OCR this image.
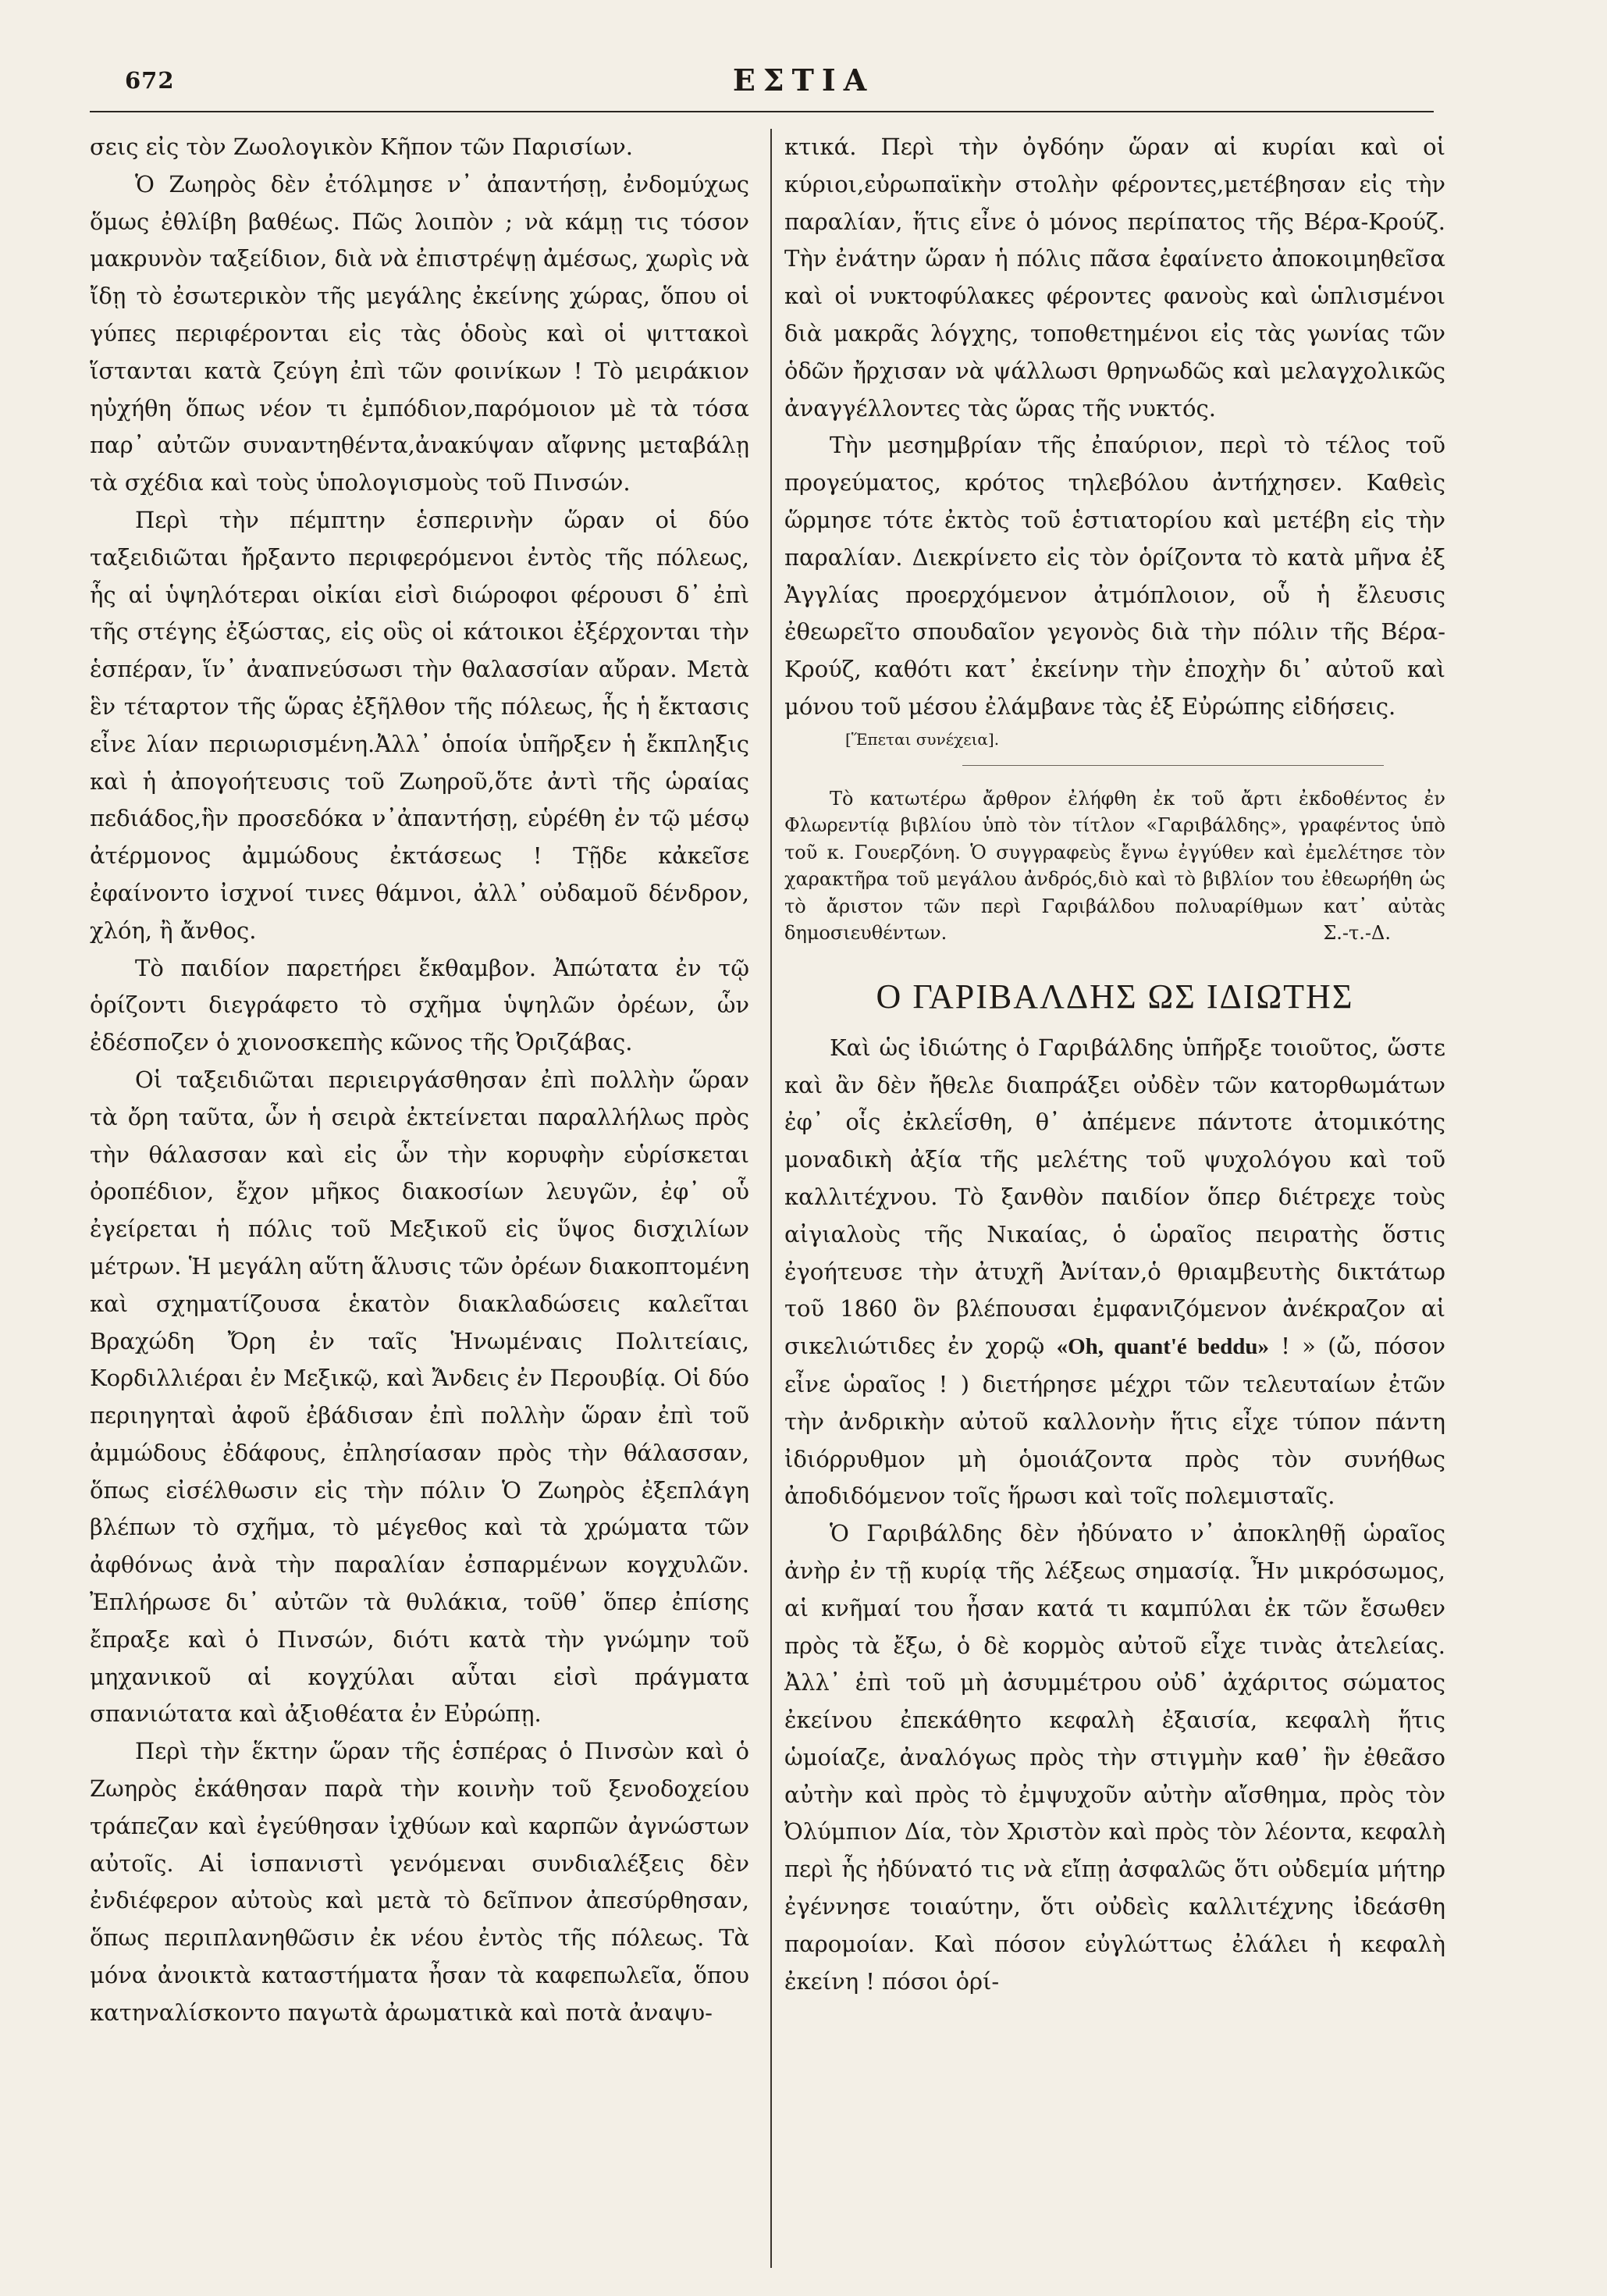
672	ΕΣΤΙΑ

σεις εἰς τὸν Ζωολογικὸν Κῆπον τῶν Παρισίων.

Ὁ Ζωηρὸς δὲν ἐτόλμησε ν᾽ ἀπαντήσῃ, ἐνδομύχως ὅμως ἐθλίβη βαθέως. Πῶς λοιπὸν ; νὰ κάμῃ τις τόσον μακρυνὸν ταξείδιον, διὰ νὰ ἐπιστρέψῃ ἀμέσως, χωρὶς νὰ ἴδῃ τὸ ἐσωτερικὸν τῆς μεγάλης ἐκείνης χώρας, ὅπου οἱ γύπες περιφέρονται εἰς τὰς ὁδοὺς καὶ οἱ ψιττακοὶ ἵστανται κατὰ ζεύγη ἐπὶ τῶν φοινίκων ! Τὸ μειράκιον ηὐχήθη ὅπως νέον τι ἐμπόδιον,παρόμοιον μὲ τὰ τόσα παρ᾽ αὐτῶν συναντηθέντα,ἀνακύψαν αἴφνης μεταβάλῃ τὰ σχέδια καὶ τοὺς ὑπολογισμοὺς τοῦ Πινσών.

Περὶ τὴν πέμπτην ἑσπερινὴν ὥραν οἱ δύο ταξειδιῶται ἤρξαντο περιφερόμενοι ἐντὸς τῆς πόλεως, ἧς αἱ ὑψηλότεραι οἰκίαι εἰσὶ διώροφοι φέρουσι δ᾽ ἐπὶ τῆς στέγης ἐξώστας, εἰς οὓς οἱ κάτοικοι ἐξέρχονται τὴν ἑσπέραν, ἵν᾽ ἀναπνεύσωσι τὴν θαλασσίαν αὔραν. Μετὰ ἓν τέταρτον τῆς ὥρας ἐξῆλθον τῆς πόλεως, ἧς ἡ ἔκτασις εἶνε λίαν περιωρισμένη.Ἀλλ᾽ ὁποία ὑπῆρξεν ἡ ἔκπληξις καὶ ἡ ἀπογοήτευσις τοῦ Ζωηροῦ,ὅτε ἀντὶ τῆς ὡραίας πεδιάδος,ἣν προσεδόκα ν᾽ἀπαντήσῃ, εὑρέθη ἐν τῷ μέσῳ ἀτέρμονος ἀμμώδους ἐκτάσεως ! Τῇδε κἀκεῖσε ἐφαίνοντο ἰσχνοί τινες θάμνοι, ἀλλ᾽ οὐδαμοῦ δένδρον, χλόη, ἢ ἄνθος.

Τὸ παιδίον παρετήρει ἔκθαμβον. Ἀπώτατα ἐν τῷ ὁρίζοντι διεγράφετο τὸ σχῆμα ὑψηλῶν ὀρέων, ὧν ἐδέσποζεν ὁ χιονοσκεπὴς κῶνος τῆς Ὀριζάβας.

Οἱ ταξειδιῶται περιειργάσθησαν ἐπὶ πολλὴν ὥραν τὰ ὄρη ταῦτα, ὧν ἡ σειρὰ ἐκτείνεται παραλλήλως πρὸς τὴν θάλασσαν καὶ εἰς ὧν τὴν κορυφὴν εὑρίσκεται ὀροπέδιον, ἔχον μῆκος διακοσίων λευγῶν, ἐφ᾽ οὗ ἐγείρεται ἡ πόλις τοῦ Μεξικοῦ εἰς ὕψος δισχιλίων μέτρων. Ἡ μεγάλη αὕτη ἅλυσις τῶν ὀρέων διακοπτομένη καὶ σχηματίζουσα ἑκατὸν διακλαδώσεις καλεῖται Βραχώδη Ὄρη ἐν ταῖς Ἡνωμέναις Πολιτείαις, Κορδιλλιέραι ἐν Μεξικῷ, καὶ Ἄνδεις ἐν Περουβίᾳ. Οἱ δύο περιηγηταὶ ἀφοῦ ἐβάδισαν ἐπὶ πολλὴν ὥραν ἐπὶ τοῦ ἀμμώδους ἐδάφους, ἐπλησίασαν πρὸς τὴν θάλασσαν, ὅπως εἰσέλθωσιν εἰς τὴν πόλιν Ὁ Ζωηρὸς ἐξεπλάγη βλέπων τὸ σχῆμα, τὸ μέγεθος καὶ τὰ χρώματα τῶν ἀφθόνως ἀνὰ τὴν παραλίαν ἐσπαρμένων κογχυλῶν. Ἐπλήρωσε δι᾽ αὐτῶν τὰ θυλάκια, τοῦθ᾽ ὅπερ ἐπίσης ἔπραξε καὶ ὁ Πινσών, διότι κατὰ τὴν γνώμην τοῦ μηχανικοῦ αἱ κογχύλαι αὗται εἰσὶ πράγματα σπανιώτατα καὶ ἀξιοθέατα ἐν Εὐρώπῃ.

Περὶ τὴν ἕκτην ὥραν τῆς ἑσπέρας ὁ Πινσὼν καὶ ὁ Ζωηρὸς ἐκάθησαν παρὰ τὴν κοινὴν τοῦ ξενοδοχείου τράπεζαν καὶ ἐγεύθησαν ἰχθύων καὶ καρπῶν ἀγνώστων αὐτοῖς. Αἱ ἱσπανιστὶ γενόμεναι συνδιαλέξεις δὲν ἐνδιέφερον αὐτοὺς καὶ μετὰ τὸ δεῖπνον ἀπεσύρθησαν, ὅπως περιπλανηθῶσιν ἐκ νέου ἐντὸς τῆς πόλεως. Τὰ μόνα ἀνοικτὰ καταστήματα ἦσαν τὰ καφεπωλεῖα, ὅπου κατηναλίσκοντο παγωτὰ ἀρωματικὰ καὶ ποτὰ ἀναψυ-

κτικά. Περὶ τὴν ὀγδόην ὥραν αἱ κυρίαι καὶ οἱ κύριοι,εὐρωπαϊκὴν στολὴν φέροντες,μετέβησαν εἰς τὴν παραλίαν, ἥτις εἶνε ὁ μόνος περίπατος τῆς Βέρα-Κρούζ. Τὴν ἐνάτην ὥραν ἡ πόλις πᾶσα ἐφαίνετο ἀποκοιμηθεῖσα καὶ οἱ νυκτοφύλακες φέροντες φανοὺς καὶ ὡπλισμένοι διὰ μακρᾶς λόγχης, τοποθετημένοι εἰς τὰς γωνίας τῶν ὁδῶν ἤρχισαν νὰ ψάλλωσι θρηνωδῶς καὶ μελαγχολικῶς ἀναγγέλλοντες τὰς ὥρας τῆς νυκτός.

Τὴν μεσημβρίαν τῆς ἐπαύριον, περὶ τὸ τέλος τοῦ προγεύματος, κρότος τηλεβόλου ἀντήχησεν. Καθεὶς ὥρμησε τότε ἐκτὸς τοῦ ἑστιατορίου καὶ μετέβη εἰς τὴν παραλίαν. Διεκρίνετο εἰς τὸν ὁρίζοντα τὸ κατὰ μῆνα ἐξ Ἀγγλίας προερχόμενον ἀτμόπλοιον, οὗ ἡ ἔλευσις ἐθεωρεῖτο σπουδαῖον γεγονὸς διὰ τὴν πόλιν τῆς Βέρα-Κρούζ, καθότι κατ᾽ ἐκείνην τὴν ἐποχὴν δι᾽ αὐτοῦ καὶ μόνου τοῦ μέσου ἐλάμβανε τὰς ἐξ Εὐρώπης εἰδήσεις.

[Ἕπεται συνέχεια].

Τὸ κατωτέρω ἄρθρον ἐλήφθη ἐκ τοῦ ἄρτι ἐκδοθέντος ἐν Φλωρεντίᾳ βιβλίου ὑπὸ τὸν τίτλον «Γαριβάλδης», γραφέντος ὑπὸ τοῦ κ. Γουερζόνη. Ὁ συγγραφεὺς ἔγνω ἐγγύθεν καὶ ἐμελέτησε τὸν χαρακτῆρα τοῦ μεγάλου ἀνδρός,διὸ καὶ τὸ βιβλίον του ἐθεωρήθη ὡς τὸ ἄριστον τῶν περὶ Γαριβάλδου πολυαρίθμων κατ᾽ αὐτὰς δημοσιευθέντων.	Σ.-τ.-Δ.

Ο ΓΑΡΙΒΑΛΔΗΣ ΩΣ ΙΔΙΩΤΗΣ

Καὶ ὡς ἰδιώτης ὁ Γαριβάλδης ὑπῆρξε τοιοῦτος, ὥστε καὶ ἂν δὲν ἤθελε διαπράξει οὐδὲν τῶν κατορθωμάτων ἐφ᾽ οἷς ἐκλεΐσθη, θ᾽ ἀπέμενε πάντοτε ἀτομικότης μοναδικὴ ἀξία τῆς μελέτης τοῦ ψυχολόγου καὶ τοῦ καλλιτέχνου. Τὸ ξανθὸν παιδίον ὅπερ διέτρεχε τοὺς αἰγιαλοὺς τῆς Νικαίας, ὁ ὡραῖος πειρατὴς ὅστις ἐγοήτευσε τὴν ἀτυχῆ Ἀνίταν,ὁ θριαμβευτὴς δικτάτωρ τοῦ 1860 ὃν βλέπουσαι ἐμφανιζόμενον ἀνέκραζον αἱ σικελιώτιδες ἐν χορῷ «Oh, quant'é beddu» ! » (ὤ, πόσον εἶνε ὡραῖος ! ) διετήρησε μέχρι τῶν τελευταίων ἐτῶν τὴν ἀνδρικὴν αὐτοῦ καλλονὴν ἥτις εἶχε τύπον πάντη ἰδιόρρυθμον μὴ ὁμοιάζοντα πρὸς τὸν συνήθως ἀποδιδόμενον τοῖς ἥρωσι καὶ τοῖς πολεμισταῖς.

Ὁ Γαριβάλδης δὲν ἠδύνατο ν᾽ ἀποκληθῇ ὡραῖος ἀνὴρ ἐν τῇ κυρίᾳ τῆς λέξεως σημασίᾳ. Ἦν μικρόσωμος, αἱ κνῆμαί του ἦσαν κατά τι καμπύλαι ἐκ τῶν ἔσωθεν πρὸς τὰ ἔξω, ὁ δὲ κορμὸς αὐτοῦ εἶχε τινὰς ἀτελείας. Ἀλλ᾽ ἐπὶ τοῦ μὴ ἀσυμμέτρου οὐδ᾽ ἀχάριτος σώματος ἐκείνου ἐπεκάθητο κεφαλὴ ἐξαισία, κεφαλὴ ἥτις ὡμοίαζε, ἀναλόγως πρὸς τὴν στιγμὴν καθ᾽ ἣν ἐθεᾶσο αὐτὴν καὶ πρὸς τὸ ἐμψυχοῦν αὐτὴν αἴσθημα, πρὸς τὸν Ὀλύμπιον Δία, τὸν Χριστὸν καὶ πρὸς τὸν λέοντα, κεφαλὴ περὶ ἧς ἠδύνατό τις νὰ εἴπῃ ἀσφαλῶς ὅτι οὐδεμία μήτηρ ἐγέννησε τοιαύτην, ὅτι οὐδεὶς καλλιτέχνης ἰδεάσθη παρομοίαν. Καὶ πόσον εὐγλώττως ἐλάλει ἡ κεφαλὴ ἐκείνη ! πόσοι ὁρί-
